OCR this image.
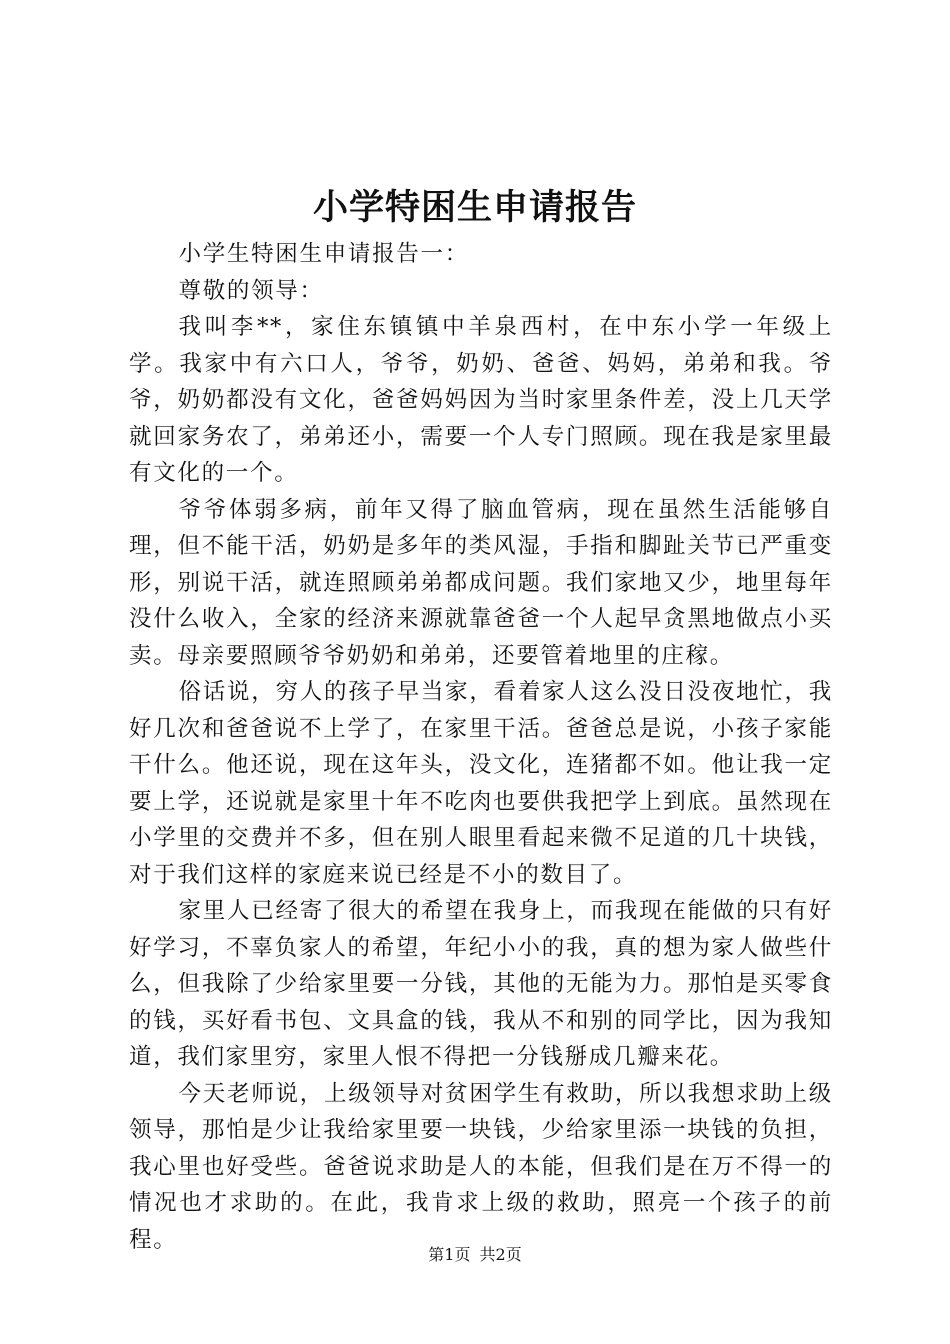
小学特困生申请报告

小学生特困生申请报告一：

尊敬的领导：

我叫李**，家住东镇镇中羊泉西村，在中东小学一年级上学。我家中有六口人，爷爷，奶奶、爸爸、妈妈，弟弟和我。爷爷，奶奶都没有文化，爸爸妈妈因为当时家里条件差，没上几天学就回家务农了，弟弟还小，需要一个人专门照顾。现在我是家里最有文化的一个。

爷爷体弱多病，前年又得了脑血管病，现在虽然生活能够自理，但不能干活，奶奶是多年的类风湿，手指和脚趾关节已严重变形，别说干活，就连照顾弟弟都成问题。我们家地又少，地里每年没什么收入，全家的经济来源就靠爸爸一个人起早贪黑地做点小买卖。母亲要照顾爷爷奶奶和弟弟，还要管着地里的庄稼。

俗话说，穷人的孩子早当家，看着家人这么没日没夜地忙，我好几次和爸爸说不上学了，在家里干活。爸爸总是说，小孩子家能干什么。他还说，现在这年头，没文化，连猪都不如。他让我一定要上学，还说就是家里十年不吃肉也要供我把学上到底。虽然现在小学里的交费并不多，但在别人眼里看起来微不足道的几十块钱，对于我们这样的家庭来说已经是不小的数目了。

家里人已经寄了很大的希望在我身上，而我现在能做的只有好好学习，不辜负家人的希望，年纪小小的我，真的想为家人做些什么，但我除了少给家里要一分钱，其他的无能为力。那怕是买零食的钱，买好看书包、文具盒的钱，我从不和别的同学比，因为我知道，我们家里穷，家里人恨不得把一分钱掰成几瓣来花。

今天老师说，上级领导对贫困学生有救助，所以我想求助上级领导，那怕是少让我给家里要一块钱，少给家里添一块钱的负担，我心里也好受些。爸爸说求助是人的本能，但我们是在万不得一的情况也才求助的。在此，我肯求上级的救助，照亮一个孩子的前程。

第1页 共2页
